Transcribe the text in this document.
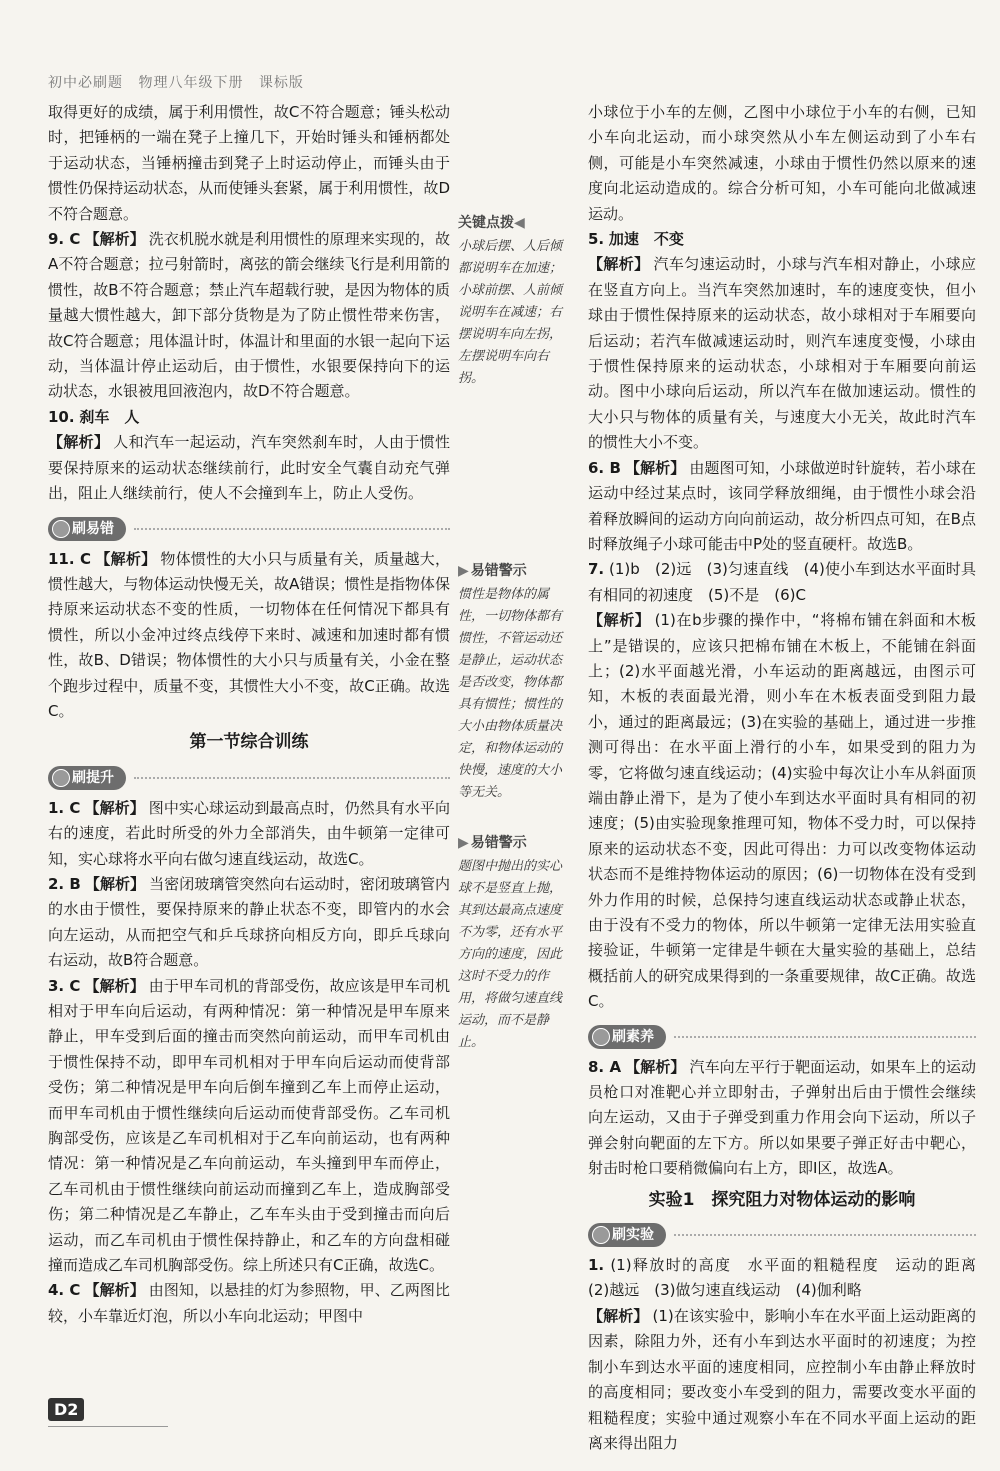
初中必刷题 物理八年级下册 课标版

取得更好的成绩，属于利用惯性，故C不符合题意；锤头松动时，把锤柄的一端在凳子上撞几下，开始时锤头和锤柄都处于运动状态，当锤柄撞击到凳子上时运动停止，而锤头由于惯性仍保持运动状态，从而使锤头套紧，属于利用惯性，故D不符合题意。

9. C 【解析】 洗衣机脱水就是利用惯性的原理来实现的，故A不符合题意；拉弓射箭时，离弦的箭会继续飞行是利用箭的惯性，故B不符合题意；禁止汽车超载行驶，是因为物体的质量越大惯性越大，卸下部分货物是为了防止惯性带来伤害，故C符合题意；甩体温计时，体温计和里面的水银一起向下运动，当体温计停止运动后，由于惯性，水银要保持向下的运动状态，水银被甩回液泡内，故D不符合题意。

10. 刹车　人
【解析】 人和汽车一起运动，汽车突然刹车时，人由于惯性要保持原来的运动状态继续前行，此时安全气囊自动充气弹出，阻止人继续前行，使人不会撞到车上，防止人受伤。

刷易错

11. C 【解析】 物体惯性的大小只与质量有关，质量越大，惯性越大，与物体运动快慢无关，故A错误；惯性是指物体保持原来运动状态不变的性质，一切物体在任何情况下都具有惯性，所以小金冲过终点线停下来时、减速和加速时都有惯性，故B、D错误；物体惯性的大小只与质量有关，小金在整个跑步过程中，质量不变，其惯性大小不变，故C正确。故选C。

第一节综合训练
刷提升

1. C 【解析】 图中实心球运动到最高点时，仍然具有水平向右的速度，若此时所受的外力全部消失，由牛顿第一定律可知，实心球将水平向右做匀速直线运动，故选C。

2. B 【解析】 当密闭玻璃管突然向右运动时，密闭玻璃管内的水由于惯性，要保持原来的静止状态不变，即管内的水会向左运动，从而把空气和乒乓球挤向相反方向，即乒乓球向右运动，故B符合题意。

3. C 【解析】 由于甲车司机的背部受伤，故应该是甲车司机相对于甲车向后运动，有两种情况：第一种情况是甲车原来静止，甲车受到后面的撞击而突然向前运动，而甲车司机由于惯性保持不动，即甲车司机相对于甲车向后运动而使背部受伤；第二种情况是甲车向后倒车撞到乙车上而停止运动，而甲车司机由于惯性继续向后运动而使背部受伤。乙车司机胸部受伤，应该是乙车司机相对于乙车向前运动，也有两种情况：第一种情况是乙车向前运动，车头撞到甲车而停止，乙车司机由于惯性继续向前运动而撞到乙车上，造成胸部受伤；第二种情况是乙车静止，乙车车头由于受到撞击而向后运动，而乙车司机由于惯性保持静止，和乙车的方向盘相碰撞而造成乙车司机胸部受伤。综上所述只有C正确，故选C。

4. C 【解析】 由图知，以悬挂的灯为参照物，甲、乙两图比较，小车靠近灯泡，所以小车向北运动；甲图中

关键点拨◀
小球后摆、人后倾都说明车在加速；小球前摆、人前倾说明车在减速；右摆说明车向左拐，左摆说明车向右拐。
▶ 易错警示
惯性是物体的属性，一切物体都有惯性，不管运动还是静止，运动状态是否改变，物体都具有惯性；惯性的大小由物体质量决定，和物体运动的快慢，速度的大小等无关。
▶ 易错警示
题图中抛出的实心球不是竖直上抛，其到达最高点速度不为零，还有水平方向的速度，因此这时不受力的作用，将做匀速直线运动，而不是静止。

小球位于小车的左侧，乙图中小球位于小车的右侧，已知小车向北运动，而小球突然从小车左侧运动到了小车右侧，可能是小车突然减速，小球由于惯性仍然以原来的速度向北运动造成的。综合分析可知，小车可能向北做减速运动。

5. 加速　不变
【解析】 汽车匀速运动时，小球与汽车相对静止，小球应在竖直方向上。当汽车突然加速时，车的速度变快，但小球由于惯性保持原来的运动状态，故小球相对于车厢要向后运动；若汽车做减速运动时，则汽车速度变慢，小球由于惯性保持原来的运动状态，小球相对于车厢要向前运动。图中小球向后运动，所以汽车在做加速运动。惯性的大小只与物体的质量有关，与速度大小无关，故此时汽车的惯性大小不变。

6. B 【解析】 由题图可知，小球做逆时针旋转，若小球在运动中经过某点时，该同学释放细绳，由于惯性小球会沿着释放瞬间的运动方向向前运动，故分析四点可知，在B点时释放绳子小球可能击中P处的竖直硬杆。故选B。

7. (1)b　(2)远　(3)匀速直线　(4)使小车到达水平面时具有相同的初速度　(5)不是　(6)C
【解析】 (1)在b步骤的操作中，“将棉布铺在斜面和木板上”是错误的，应该只把棉布铺在木板上，不能铺在斜面上；(2)水平面越光滑，小车运动的距离越远，由图示可知，木板的表面最光滑，则小车在木板表面受到阻力最小，通过的距离最远；(3)在实验的基础上，通过进一步推测可得出：在水平面上滑行的小车，如果受到的阻力为零，它将做匀速直线运动；(4)实验中每次让小车从斜面顶端由静止滑下，是为了使小车到达水平面时具有相同的初速度；(5)由实验现象推理可知，物体不受力时，可以保持原来的运动状态不变，因此可得出：力可以改变物体运动状态而不是维持物体运动的原因；(6)一切物体在没有受到外力作用的时候，总保持匀速直线运动状态或静止状态，由于没有不受力的物体，所以牛顿第一定律无法用实验直接验证，牛顿第一定律是牛顿在大量实验的基础上，总结概括前人的研究成果得到的一条重要规律，故C正确。故选C。

刷素养

8. A 【解析】 汽车向左平行于靶面运动，如果车上的运动员枪口对准靶心并立即射击，子弹射出后由于惯性会继续向左运动，又由于子弹受到重力作用会向下运动，所以子弹会射向靶面的左下方。所以如果要子弹正好击中靶心，射击时枪口要稍微偏向右上方，即Ⅰ区，故选A。

实验1　探究阻力对物体运动的影响
刷实验

1. (1)释放时的高度　水平面的粗糙程度　运动的距离　(2)越远　(3)做匀速直线运动　(4)伽利略
【解析】 (1)在该实验中，影响小车在水平面上运动距离的因素，除阻力外，还有小车到达水平面时的初速度；为控制小车到达水平面的速度相同，应控制小车由静止释放时的高度相同；要改变小车受到的阻力，需要改变水平面的粗糙程度；实验中通过观察小车在不同水平面上运动的距离来得出阻力

D2
